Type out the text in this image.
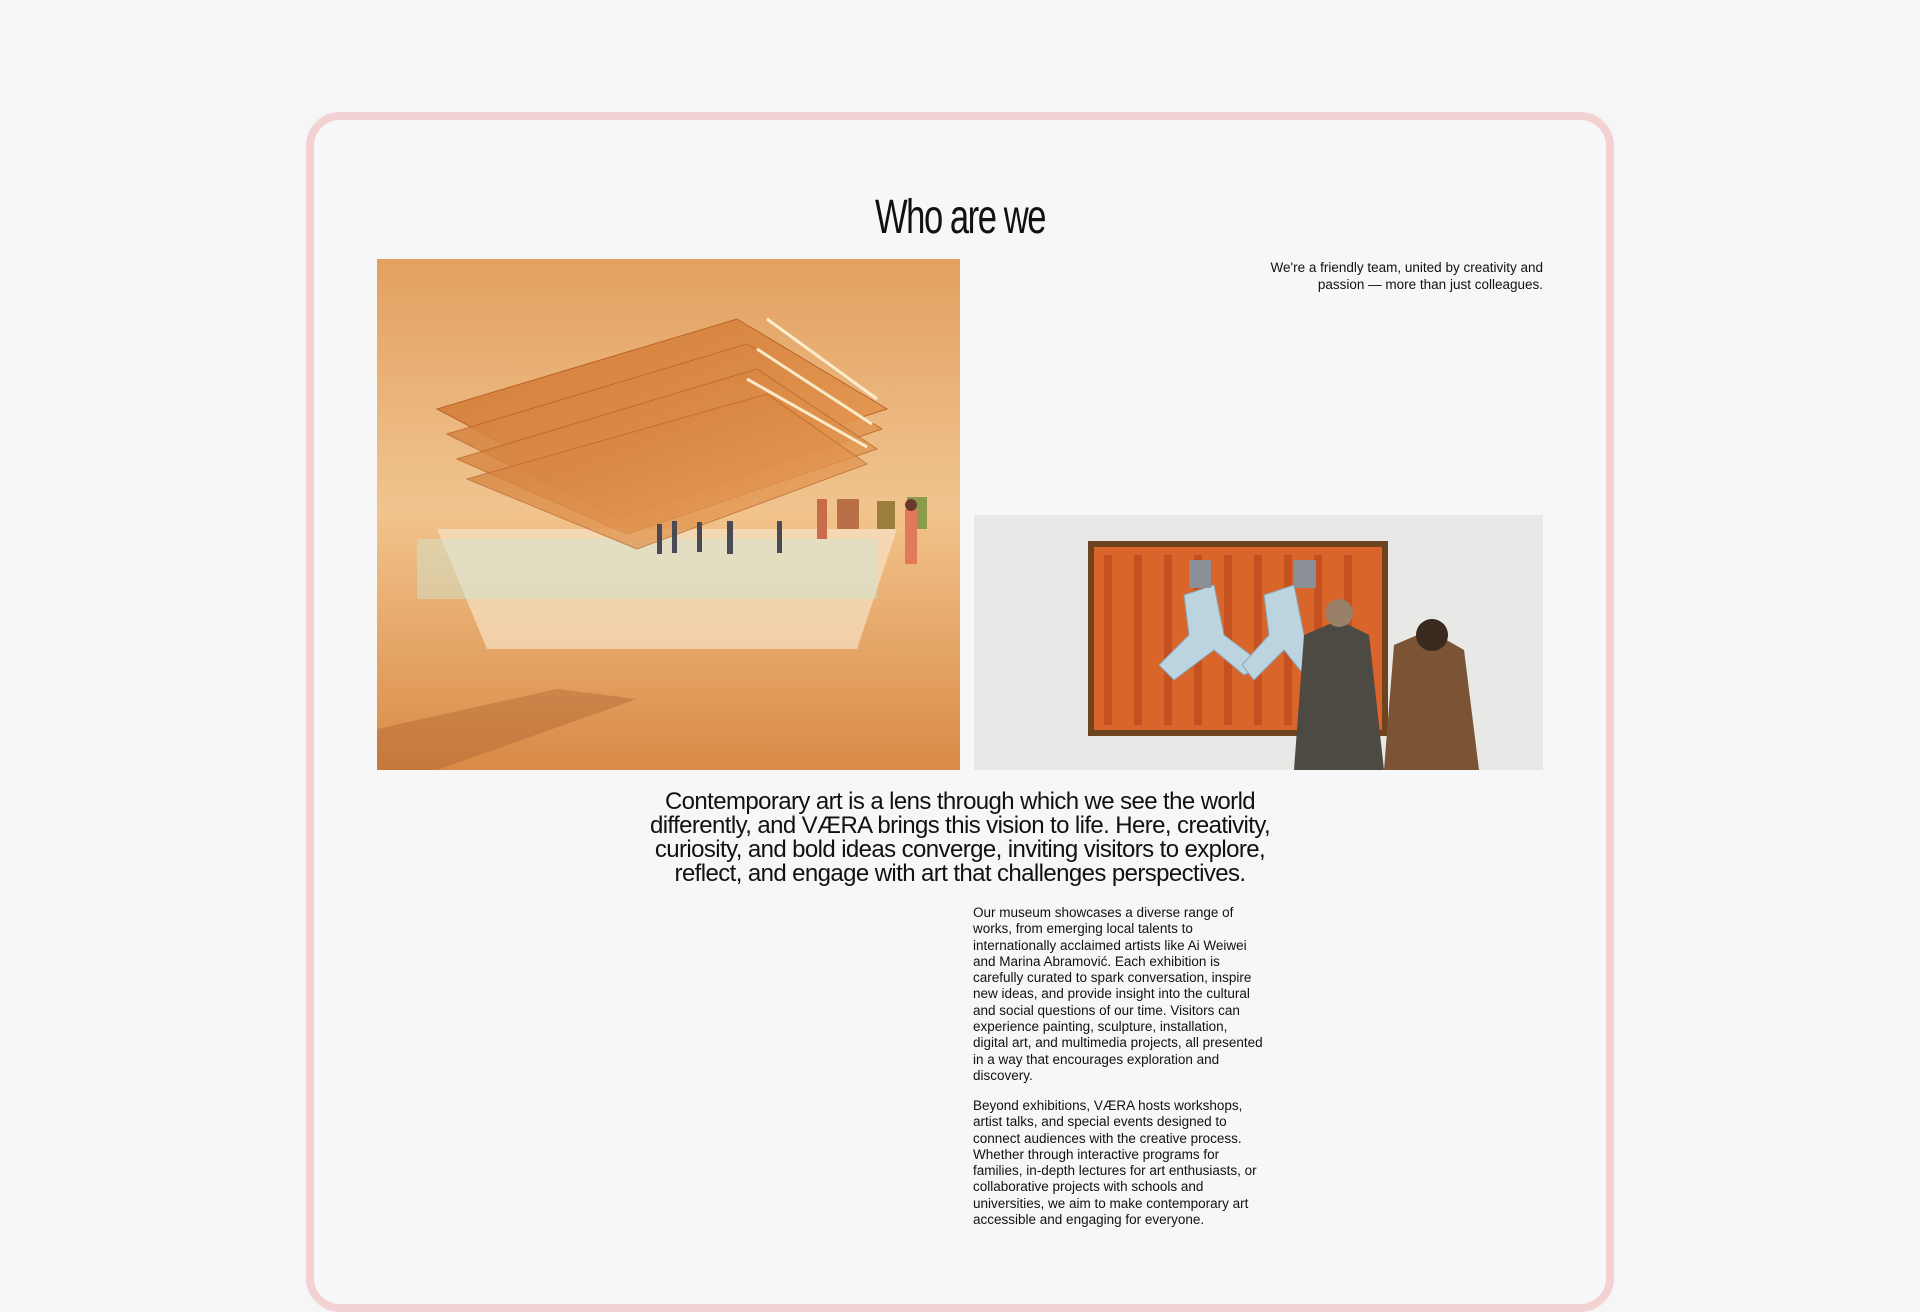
Who are we

We're a friendly team, united by creativity and passion — more than just colleagues.

Contemporary art is a lens through which we see the world differently, and VÆRA brings this vision to life. Here, creativity, curiosity, and bold ideas converge, inviting visitors to explore, reflect, and engage with art that challenges perspectives.

Our museum showcases a diverse range of works, from emerging local talents to internationally acclaimed artists like Ai Weiwei and Marina Abramović. Each exhibition is carefully curated to spark conversation, inspire new ideas, and provide insight into the cultural and social questions of our time. Visitors can experience painting, sculpture, installation, digital art, and multimedia projects, all presented in a way that encourages exploration and discovery.

Beyond exhibitions, VÆRA hosts workshops, artist talks, and special events designed to connect audiences with the creative process. Whether through interactive programs for families, in-depth lectures for art enthusiasts, or collaborative projects with schools and universities, we aim to make contemporary art accessible and engaging for everyone.
